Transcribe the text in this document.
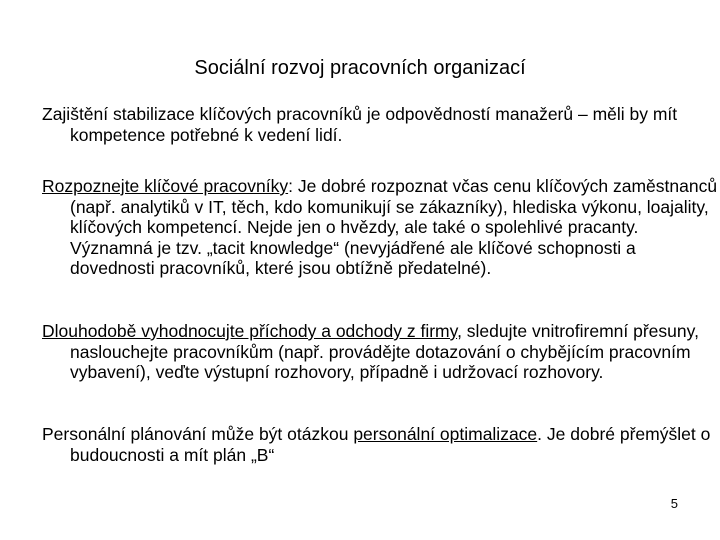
Sociální rozvoj pracovních organizací

Zajištění stabilizace klíčových pracovníků je odpovědností manažerů – měli by mít kompetence potřebné k vedení lidí.

Rozpoznejte klíčové pracovníky: Je dobré rozpoznat včas cenu klíčových zaměstnanců (např. analytiků v IT, těch, kdo komunikují se zákazníky), hlediska výkonu, loajality, klíčových kompetencí. Nejde jen o hvězdy, ale také o spolehlivé pracanty. Významná je tzv. „tacit knowledge“ (nevyjádřené ale klíčové schopnosti a dovednosti pracovníků, které jsou obtížně předatelné).

Dlouhodobě vyhodnocujte příchody a odchody z firmy, sledujte vnitrofiremní přesuny, naslouchejte pracovníkům (např. provádějte dotazování o chybějícím pracovním vybavení), veďte výstupní rozhovory, případně i udržovací rozhovory.

Personální plánování může být otázkou personální optimalizace. Je dobré přemýšlet o budoucnosti a mít plán „B“

5
